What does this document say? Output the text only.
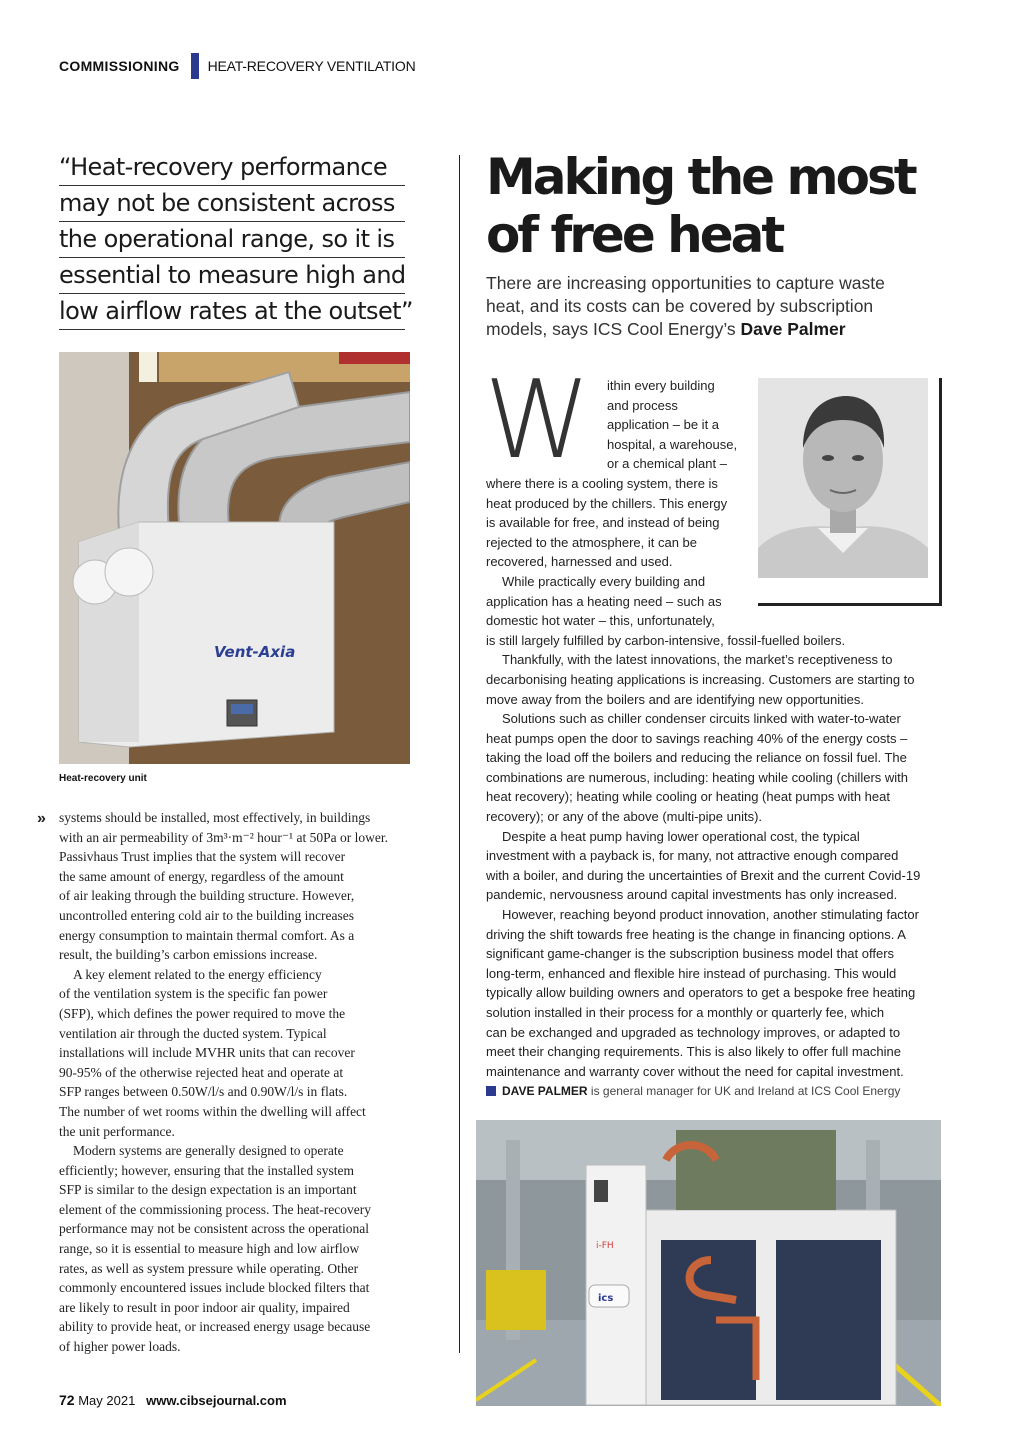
COMMISSIONING HEAT-RECOVERY VENTILATION
“Heat-recovery performance
may not be consistent across
the operational range, so it is
essential to measure high and
low airflow rates at the outset”
Vent-Axia
Heat-recovery unit
Making the most
of free heat
There are increasing opportunities to capture waste
heat, and its costs can be covered by subscription
models, says ICS Cool Energy’s Dave Palmer
W	ithin every building
and process
application – be it a
hospital, a warehouse,
or a chemical plant –
where there is a cooling system, there is
heat produced by the chillers. This energy
is available for free, and instead of being
rejected to the atmosphere, it can be
recovered, harnessed and used.
While practically every building and
application has a heating need – such as
domestic hot water – this, unfortunately,
is still largely fulfilled by carbon-intensive, fossil-fuelled boilers.
Thankfully, with the latest innovations, the market’s receptiveness to
decarbonising heating applications is increasing. Customers are starting to
move away from the boilers and are identifying new opportunities.
Solutions such as chiller condenser circuits linked with water-to-water
heat pumps open the door to savings reaching 40% of the energy costs –
taking the load off the boilers and reducing the reliance on fossil fuel. The
combinations are numerous, including: heating while cooling (chillers with
heat recovery); heating while cooling or heating (heat pumps with heat
recovery); or any of the above (multi-pipe units).
Despite a heat pump having lower operational cost, the typical
investment with a payback is, for many, not attractive enough compared
with a boiler, and during the uncertainties of Brexit and the current Covid-19
pandemic, nervousness around capital investments has only increased.
However, reaching beyond product innovation, another stimulating factor
driving the shift towards free heating is the change in financing options. A
significant game-changer is the subscription business model that offers
long-term, enhanced and flexible hire instead of purchasing. This would
typically allow building owners and operators to get a bespoke free heating
solution installed in their process for a monthly or quarterly fee, which
can be exchanged and upgraded as technology improves, or adapted to
meet their changing requirements. This is also likely to offer full machine
maintenance and warranty cover without the need for capital investment.
DAVE PALMER is general manager for UK and Ireland at ICS Cool Energy
» systems should be installed, most effectively, in buildings
with an air permeability of 3m³·m⁻² hour⁻¹ at 50Pa or lower.
Passivhaus Trust implies that the system will recover
the same amount of energy, regardless of the amount
of air leaking through the building structure. However,
uncontrolled entering cold air to the building increases
energy consumption to maintain thermal comfort. As a
result, the building’s carbon emissions increase.
A key element related to the energy efficiency
of the ventilation system is the specific fan power
(SFP), which defines the power required to move the
ventilation air through the ducted system. Typical
installations will include MVHR units that can recover
90-95% of the otherwise rejected heat and operate at
SFP ranges between 0.50W/l/s and 0.90W/l/s in flats.
The number of wet rooms within the dwelling will affect
the unit performance.
Modern systems are generally designed to operate
efficiently; however, ensuring that the installed system
SFP is similar to the design expectation is an important
element of the commissioning process. The heat-recovery
performance may not be consistent across the operational
range, so it is essential to measure high and low airflow
rates, as well as system pressure while operating. Other
commonly encountered issues include blocked filters that
are likely to result in poor indoor air quality, impaired
ability to provide heat, or increased energy usage because
of higher power loads.
ics
i-FH
72 May 2021 www.cibsejournal.com
